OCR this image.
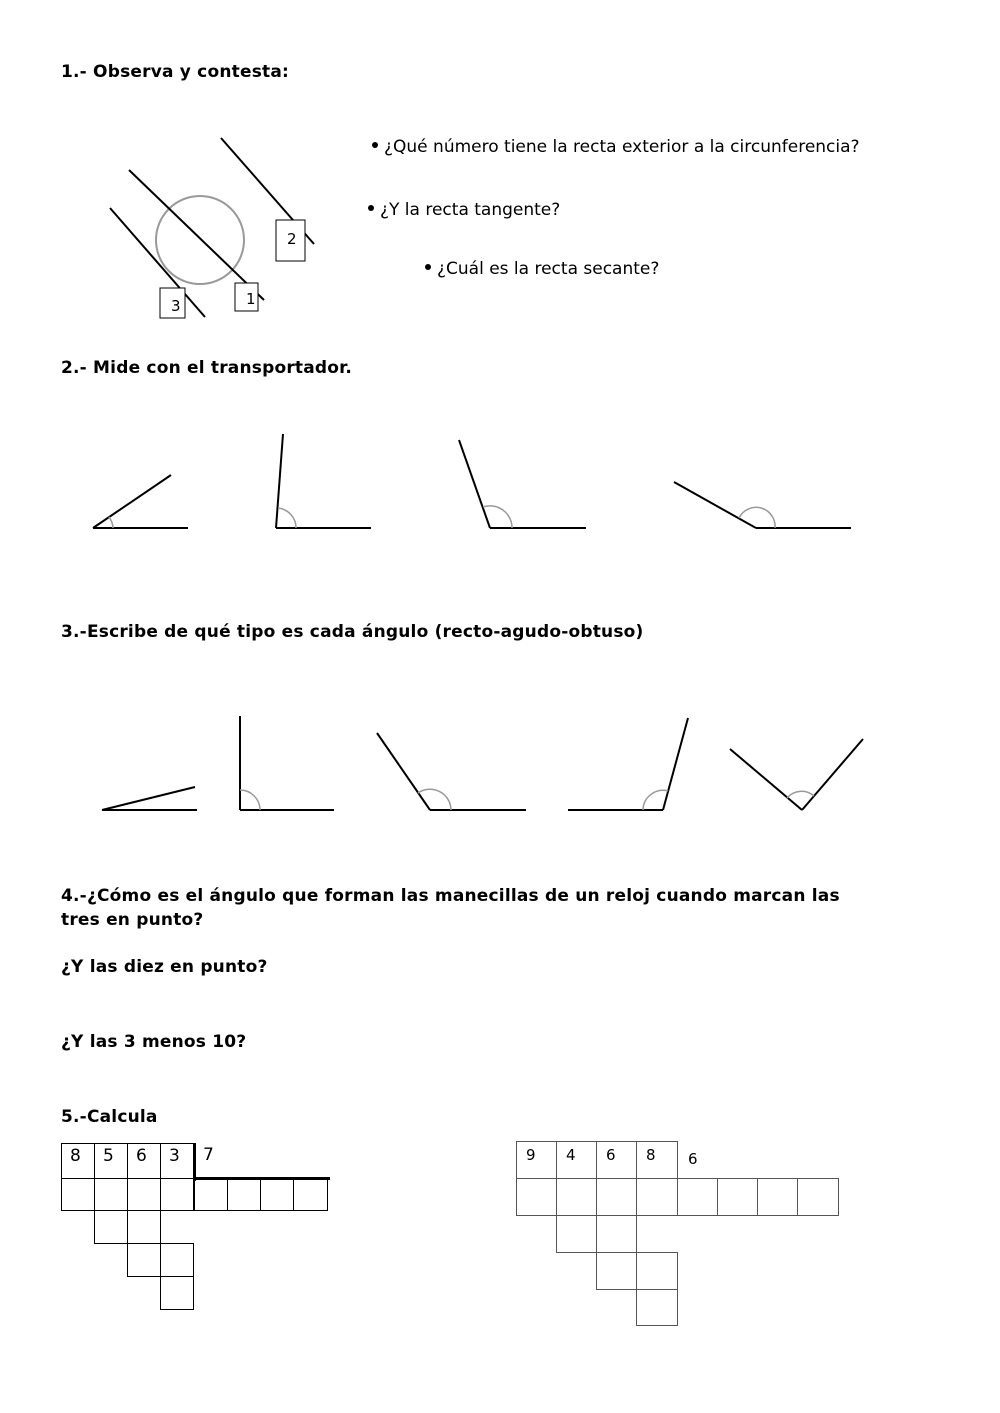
1.- Observa y contesta:
2
3	1
¿Qué número tiene la recta exterior a la circunferencia?
¿Y la recta tangente?
¿Cuál es la recta secante?
2.- Mide con el transportador.
3.-Escribe de qué tipo es cada ángulo (recto-agudo-obtuso)
4.-¿Cómo es el ángulo que forman las manecillas de un reloj cuando marcan las
tres en punto?
¿Y las diez en punto?
¿Y las 3 menos 10?
5.-Calcula
8 5 6 3 7	9 4 6 8 6
